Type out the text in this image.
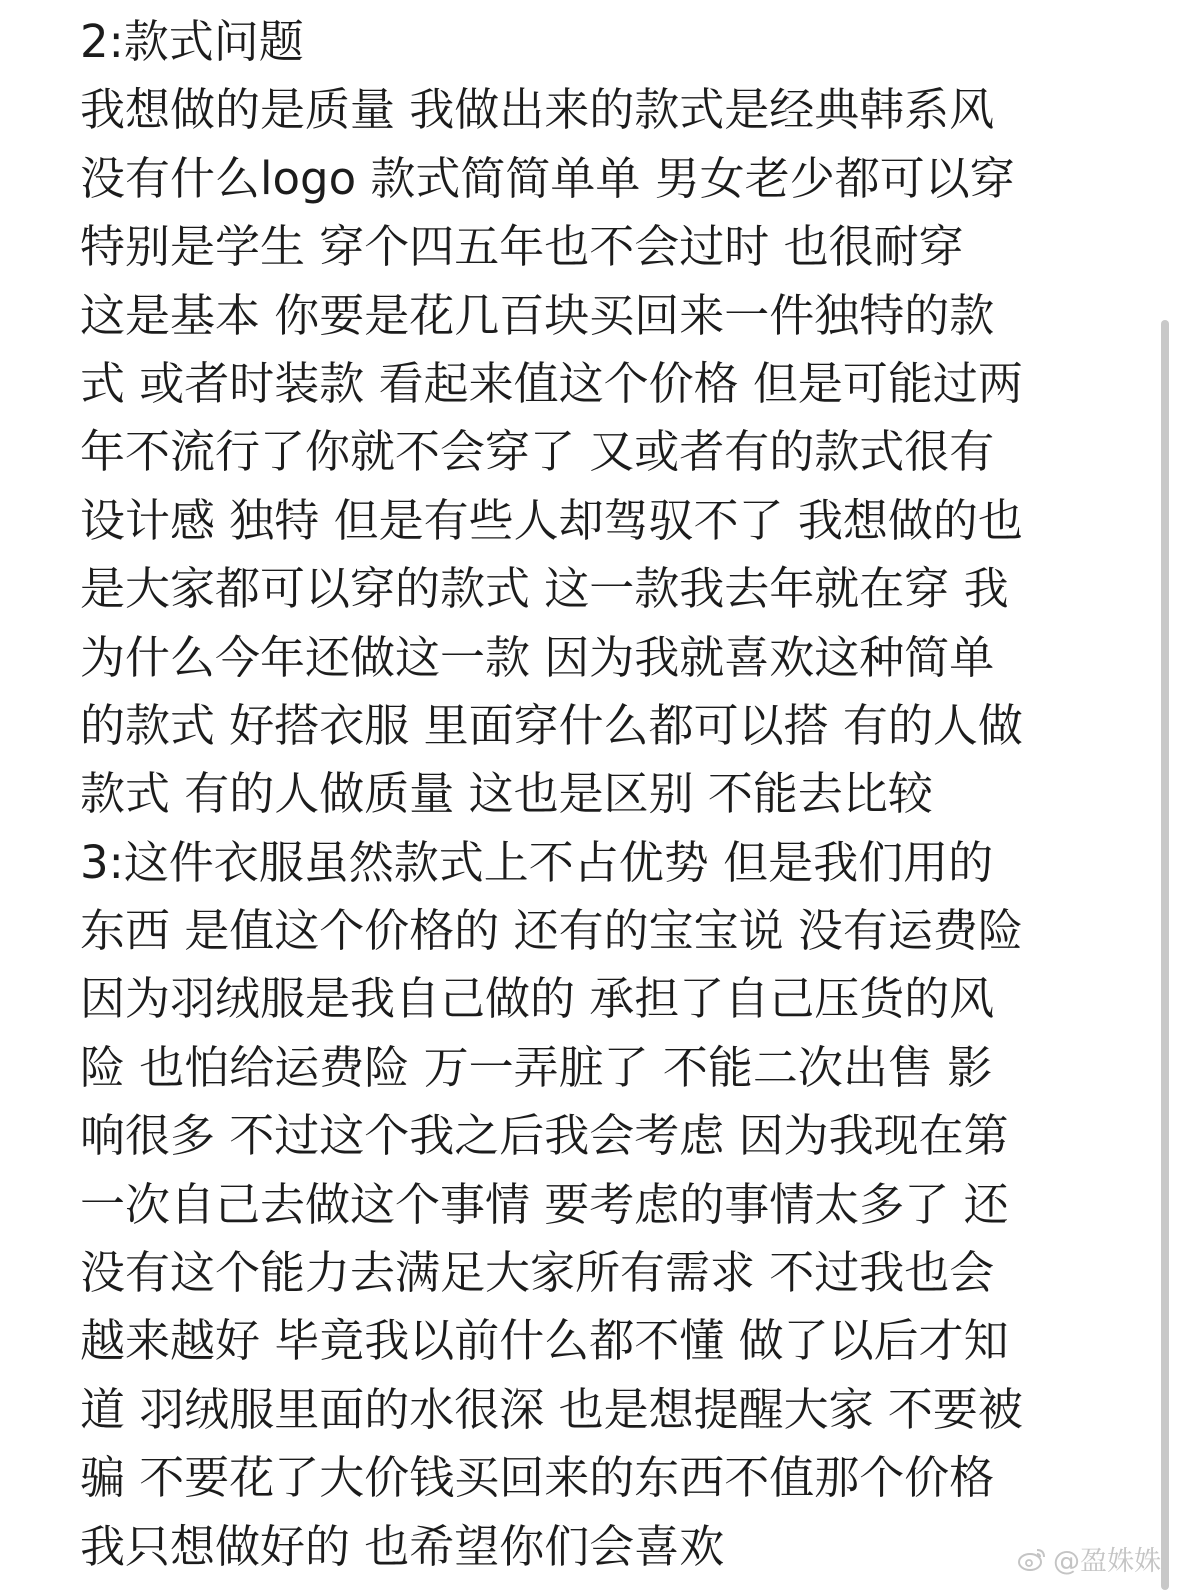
2:款式问题
我想做的是质量 我做出来的款式是经典韩系风
没有什么logo 款式简简单单 男女老少都可以穿
特别是学生 穿个四五年也不会过时 也很耐穿
这是基本 你要是花几百块买回来一件独特的款
式 或者时装款 看起来值这个价格 但是可能过两
年不流行了你就不会穿了 又或者有的款式很有
设计感 独特 但是有些人却驾驭不了 我想做的也
是大家都可以穿的款式 这一款我去年就在穿 我
为什么今年还做这一款 因为我就喜欢这种简单
的款式 好搭衣服 里面穿什么都可以搭 有的人做
款式 有的人做质量 这也是区别 不能去比较
3:这件衣服虽然款式上不占优势 但是我们用的
东西 是值这个价格的 还有的宝宝说 没有运费险
因为羽绒服是我自己做的 承担了自己压货的风
险 也怕给运费险 万一弄脏了 不能二次出售 影
响很多 不过这个我之后我会考虑 因为我现在第
一次自己去做这个事情 要考虑的事情太多了 还
没有这个能力去满足大家所有需求 不过我也会
越来越好 毕竟我以前什么都不懂 做了以后才知
道 羽绒服里面的水很深 也是想提醒大家 不要被
骗 不要花了大价钱买回来的东西不值那个价格
我只想做好的 也希望你们会喜欢	@盈姝姝
